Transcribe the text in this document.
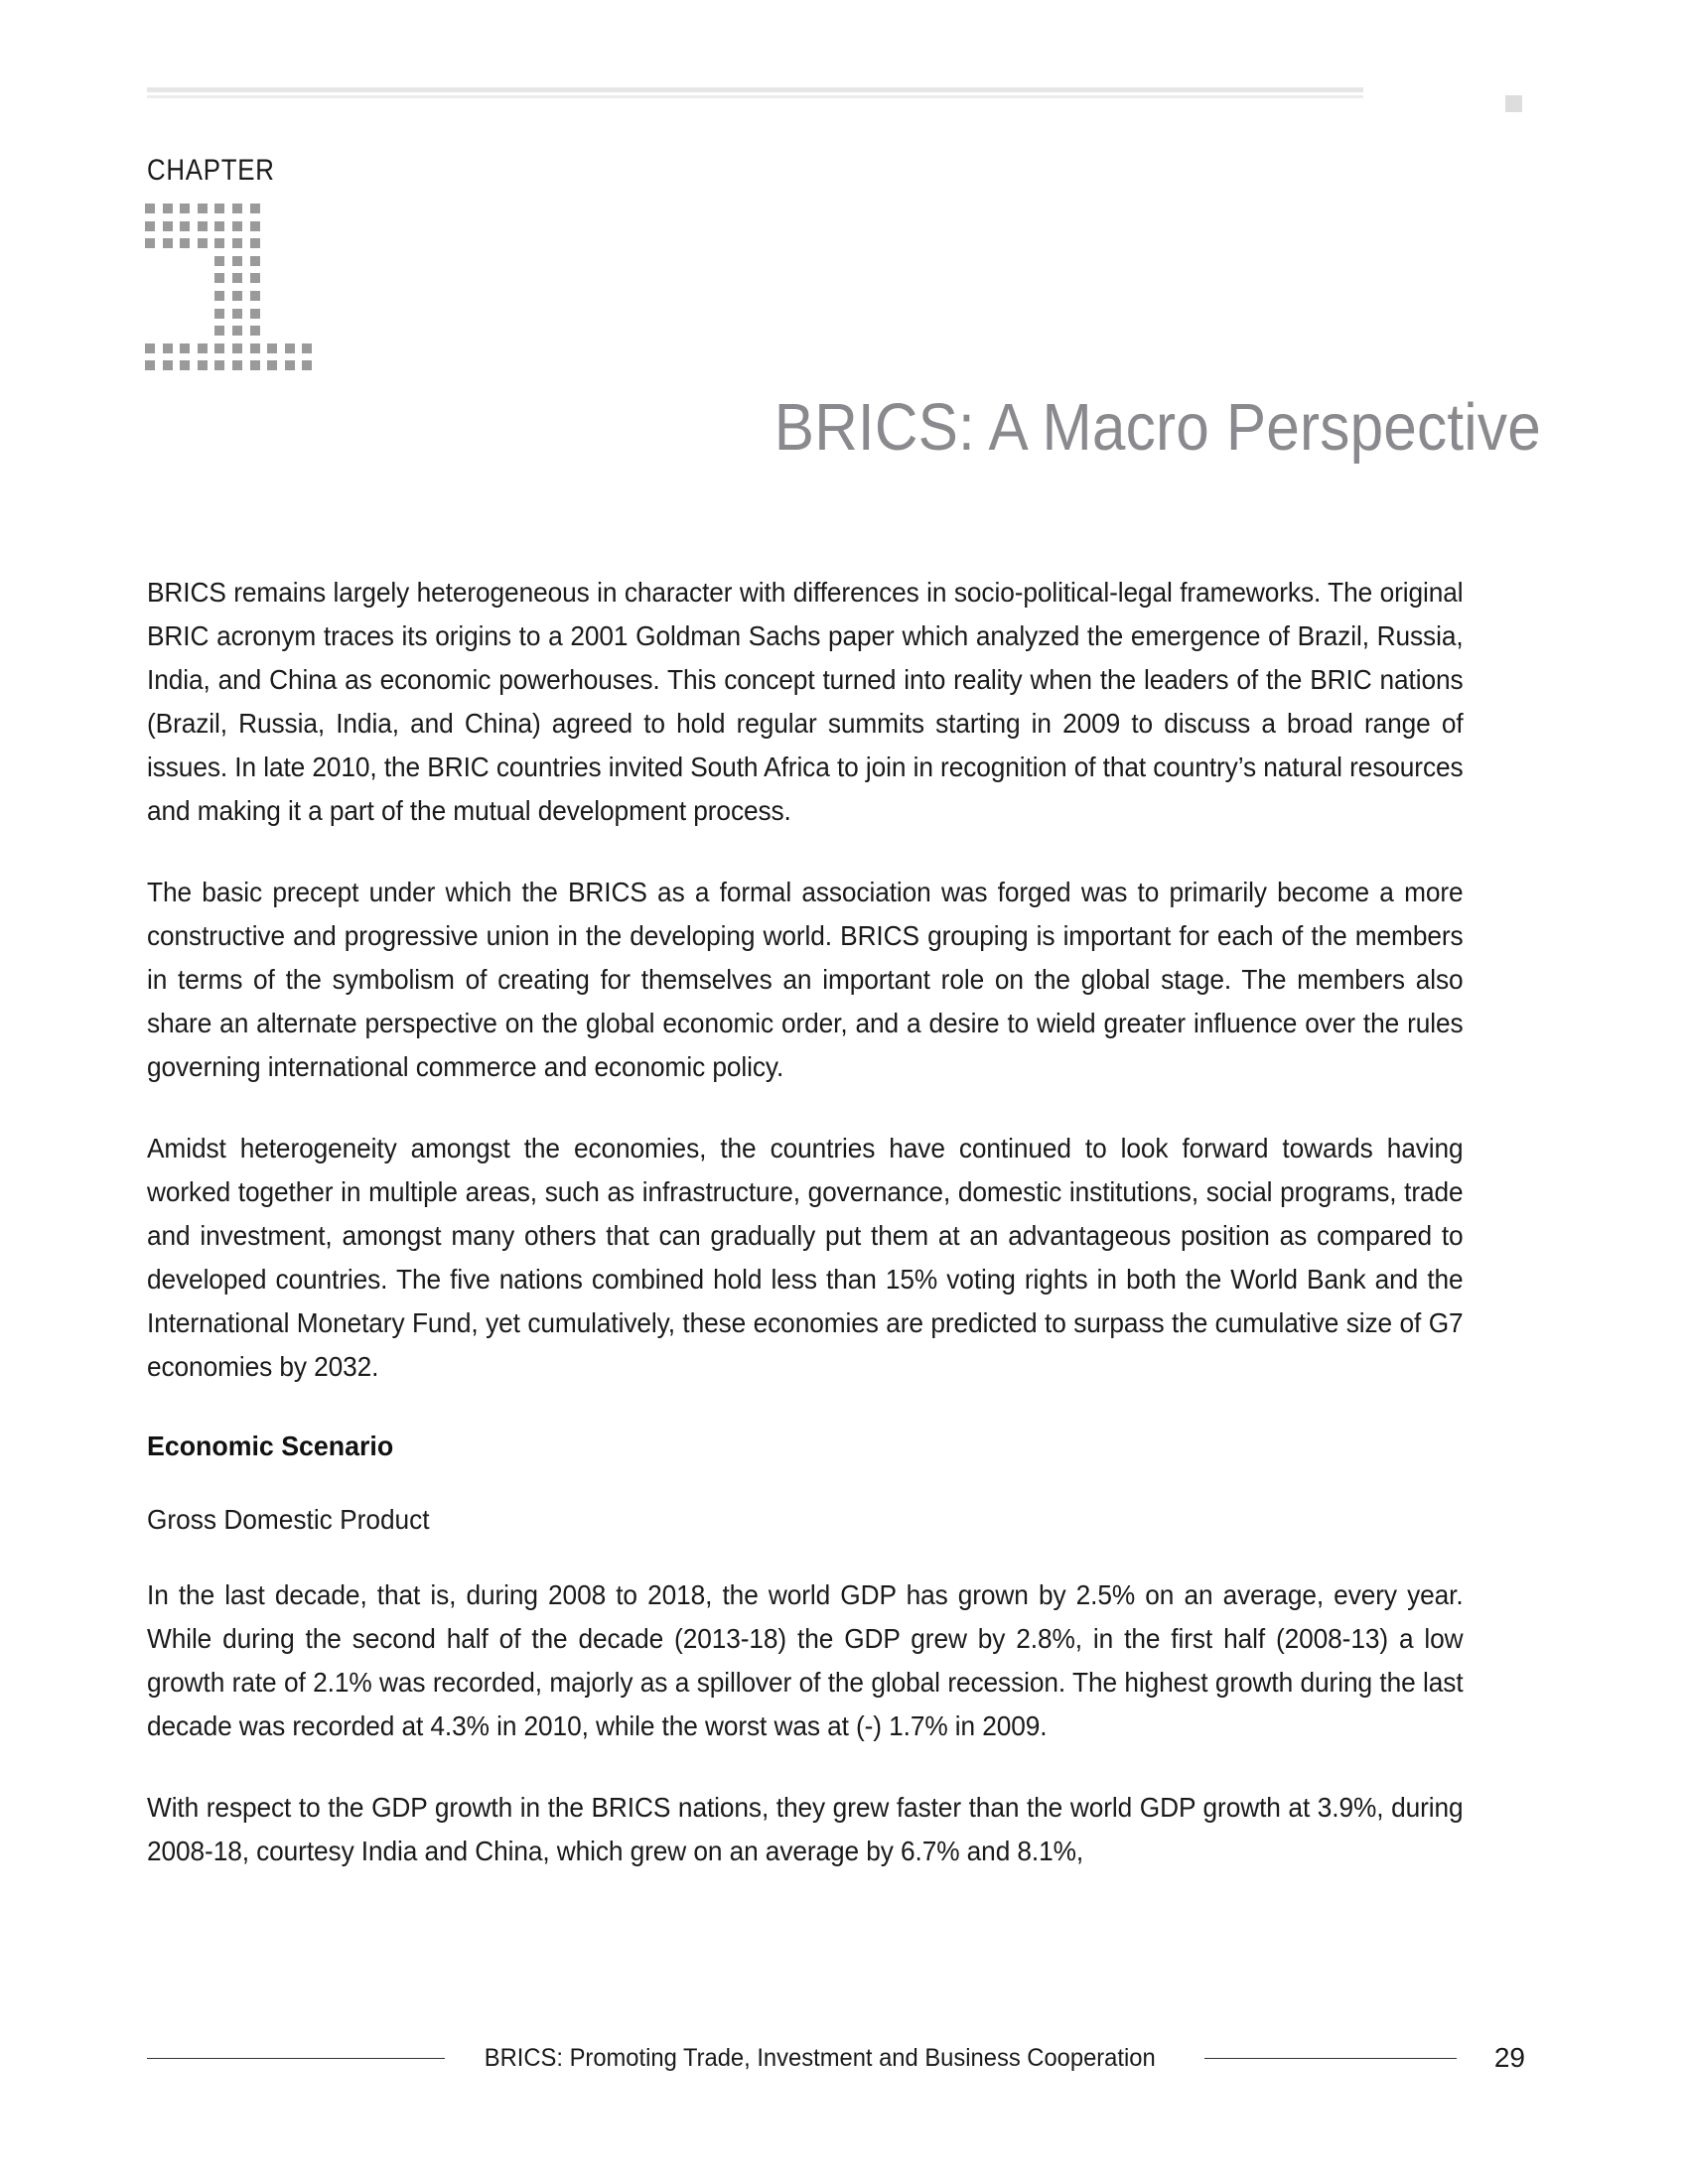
CHAPTER
BRICS: A Macro Perspective

BRICS remains largely heterogeneous in character with differences in socio-political-legal frameworks. The original BRIC acronym traces its origins to a 2001 Goldman Sachs paper which analyzed the emergence of Brazil, Russia, India, and China as economic powerhouses. This concept turned into reality when the leaders of the BRIC nations (Brazil, Russia, India, and China) agreed to hold regular summits starting in 2009 to discuss a broad range of issues. In late 2010, the BRIC countries invited South Africa to join in recognition of that country’s natural resources and making it a part of the mutual development process.

The basic precept under which the BRICS as a formal association was forged was to primarily become a more constructive and progressive union in the developing world. BRICS grouping is important for each of the members in terms of the symbolism of creating for themselves an important role on the global stage. The members also share an alternate perspective on the global economic order, and a desire to wield greater influence over the rules governing international commerce and economic policy.

Amidst heterogeneity amongst the economies, the countries have continued to look forward towards having worked together in multiple areas, such as infrastructure, governance, domestic institutions, social programs, trade and investment, amongst many others that can gradually put them at an advantageous position as compared to developed countries. The five nations combined hold less than 15% voting rights in both the World Bank and the International Monetary Fund, yet cumulatively, these economies are predicted to surpass the cumulative size of G7 economies by 2032.

Economic Scenario

Gross Domestic Product

In the last decade, that is, during 2008 to 2018, the world GDP has grown by 2.5% on an average, every year. While during the second half of the decade (2013-18) the GDP grew by 2.8%, in the first half (2008-13) a low growth rate of 2.1% was recorded, majorly as a spillover of the global recession. The highest growth during the last decade was recorded at 4.3% in 2010, while the worst was at (-) 1.7% in 2009.

With respect to the GDP growth in the BRICS nations, they grew faster than the world GDP growth at 3.9%, during 2008-18, courtesy India and China, which grew on an average by 6.7% and 8.1%,

BRICS: Promoting Trade, Investment and Business Cooperation	29
